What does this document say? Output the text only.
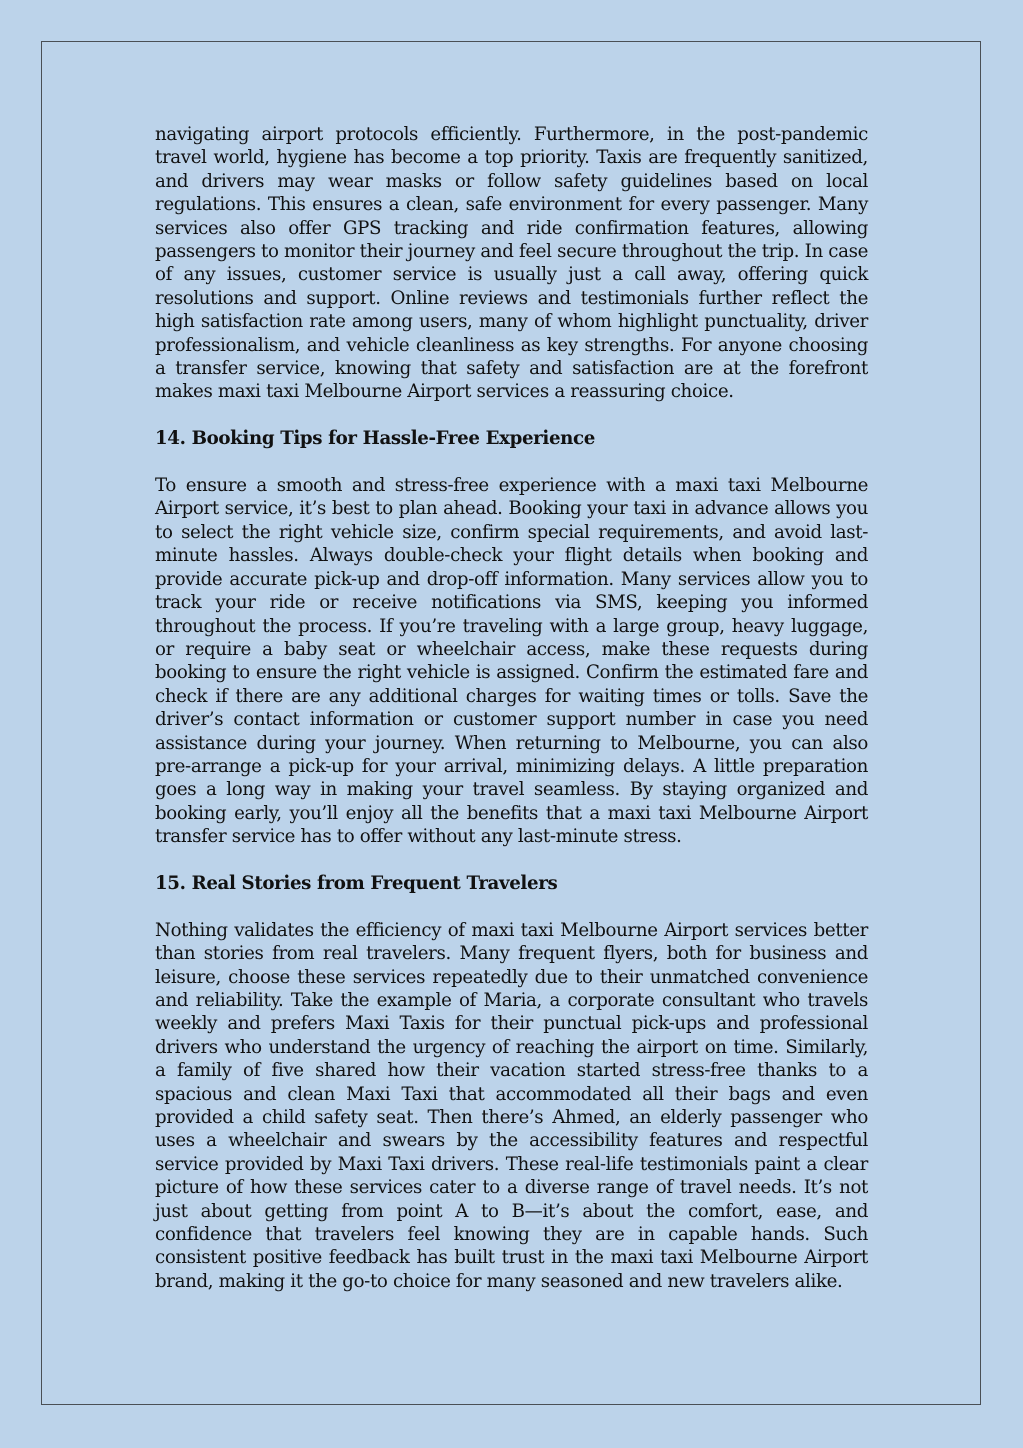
navigating airport protocols efficiently. Furthermore, in the post-pandemic travel world, hygiene has become a top priority. Taxis are frequently sanitized, and drivers may wear masks or follow safety guidelines based on local regulations. This ensures a clean, safe environment for every passenger. Many services also offer GPS tracking and ride confirmation features, allowing passengers to monitor their journey and feel secure throughout the trip. In case of any issues, customer service is usually just a call away, offering quick resolutions and support. Online reviews and testimonials further reflect the high satisfaction rate among users, many of whom highlight punctuality, driver professionalism, and vehicle cleanliness as key strengths. For anyone choosing a transfer service, knowing that safety and satisfaction are at the forefront makes maxi taxi Melbourne Airport services a reassuring choice.

14. Booking Tips for Hassle-Free Experience

To ensure a smooth and stress-free experience with a maxi taxi Melbourne Airport service, it’s best to plan ahead. Booking your taxi in advance allows you to select the right vehicle size, confirm special requirements, and avoid last-minute hassles. Always double-check your flight details when booking and provide accurate pick-up and drop-off information. Many services allow you to track your ride or receive notifications via SMS, keeping you informed throughout the process. If you’re traveling with a large group, heavy luggage, or require a baby seat or wheelchair access, make these requests during booking to ensure the right vehicle is assigned. Confirm the estimated fare and check if there are any additional charges for waiting times or tolls. Save the driver’s contact information or customer support number in case you need assistance during your journey. When returning to Melbourne, you can also pre-arrange a pick-up for your arrival, minimizing delays. A little preparation goes a long way in making your travel seamless. By staying organized and booking early, you’ll enjoy all the benefits that a maxi taxi Melbourne Airport transfer service has to offer without any last-minute stress.

15. Real Stories from Frequent Travelers

Nothing validates the efficiency of maxi taxi Melbourne Airport services better than stories from real travelers. Many frequent flyers, both for business and leisure, choose these services repeatedly due to their unmatched convenience and reliability. Take the example of Maria, a corporate consultant who travels weekly and prefers Maxi Taxis for their punctual pick-ups and professional drivers who understand the urgency of reaching the airport on time. Similarly, a family of five shared how their vacation started stress-free thanks to a spacious and clean Maxi Taxi that accommodated all their bags and even provided a child safety seat. Then there’s Ahmed, an elderly passenger who uses a wheelchair and swears by the accessibility features and respectful service provided by Maxi Taxi drivers. These real-life testimonials paint a clear picture of how these services cater to a diverse range of travel needs. It’s not just about getting from point A to B—it’s about the comfort, ease, and confidence that travelers feel knowing they are in capable hands. Such consistent positive feedback has built trust in the maxi taxi Melbourne Airport brand, making it the go-to choice for many seasoned and new travelers alike.
